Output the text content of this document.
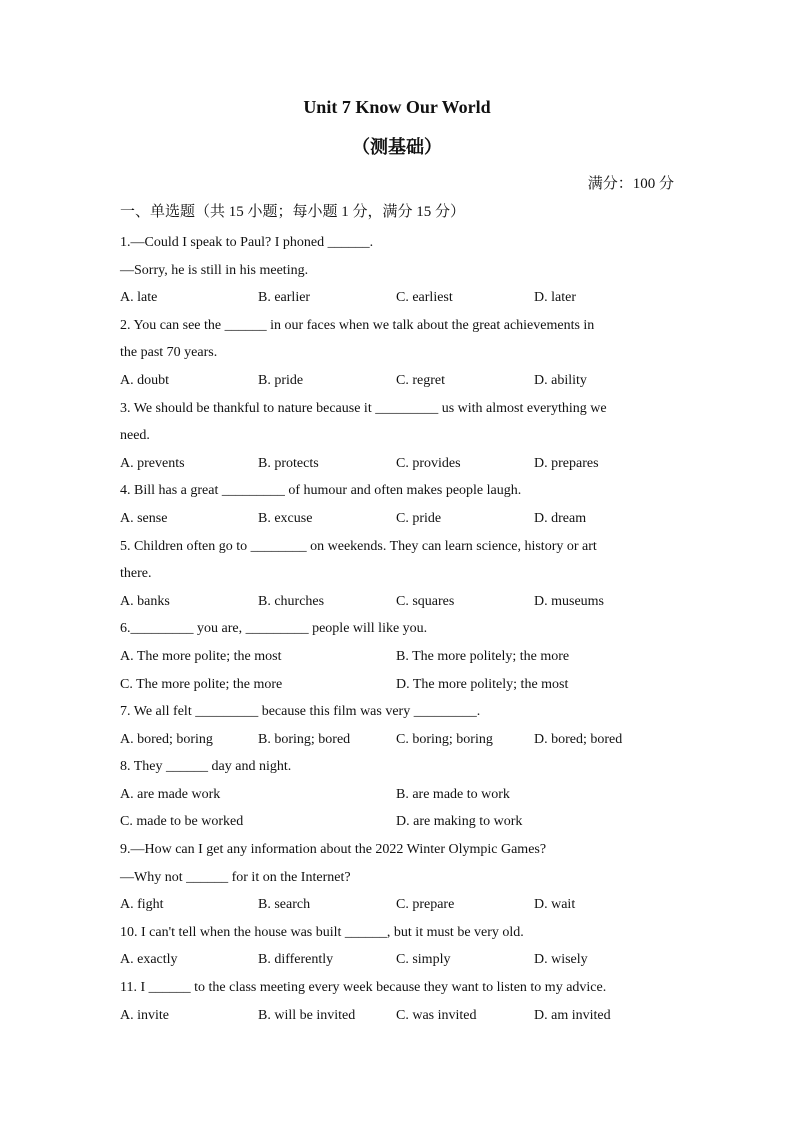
Unit 7 Know Our World
（测基础）
满分：100 分
一、单选题（共 15 小题；每小题 1 分，满分 15 分）
1.—Could I speak to Paul? I phoned ______.
—Sorry, he is still in his meeting.
A. late	B. earlier	C. earliest	D. later
2. You can see the ______ in our faces when we talk about the great achievements in
the past 70 years.
A. doubt	B. pride	C. regret	D. ability
3. We should be thankful to nature because it _________ us with almost everything we
need.
A. prevents	B. protects	C. provides	D. prepares
4. Bill has a great _________ of humour and often makes people laugh.
A. sense	B. excuse	C. pride	D. dream
5. Children often go to ________ on weekends. They can learn science, history or art
there.
A. banks	B. churches	C. squares	D. museums
6._________ you are, _________ people will like you.
A. The more polite; the most	B. The more politely; the more
C. The more polite; the more	D. The more politely; the most
7. We all felt _________ because this film was very _________.
A. bored; boring	B. boring; bored	C. boring; boring	D. bored; bored
8. They ______ day and night.
A. are made work	B. are made to work
C. made to be worked	D. are making to work
9.—How can I get any information about the 2022 Winter Olympic Games?
—Why not ______ for it on the Internet?
A. fight	B. search	C. prepare	D. wait
10. I can't tell when the house was built ______, but it must be very old.
A. exactly	B. differently	C. simply	D. wisely
11. I ______ to the class meeting every week because they want to listen to my advice.
A. invite	B. will be invited	C. was invited	D. am invited
